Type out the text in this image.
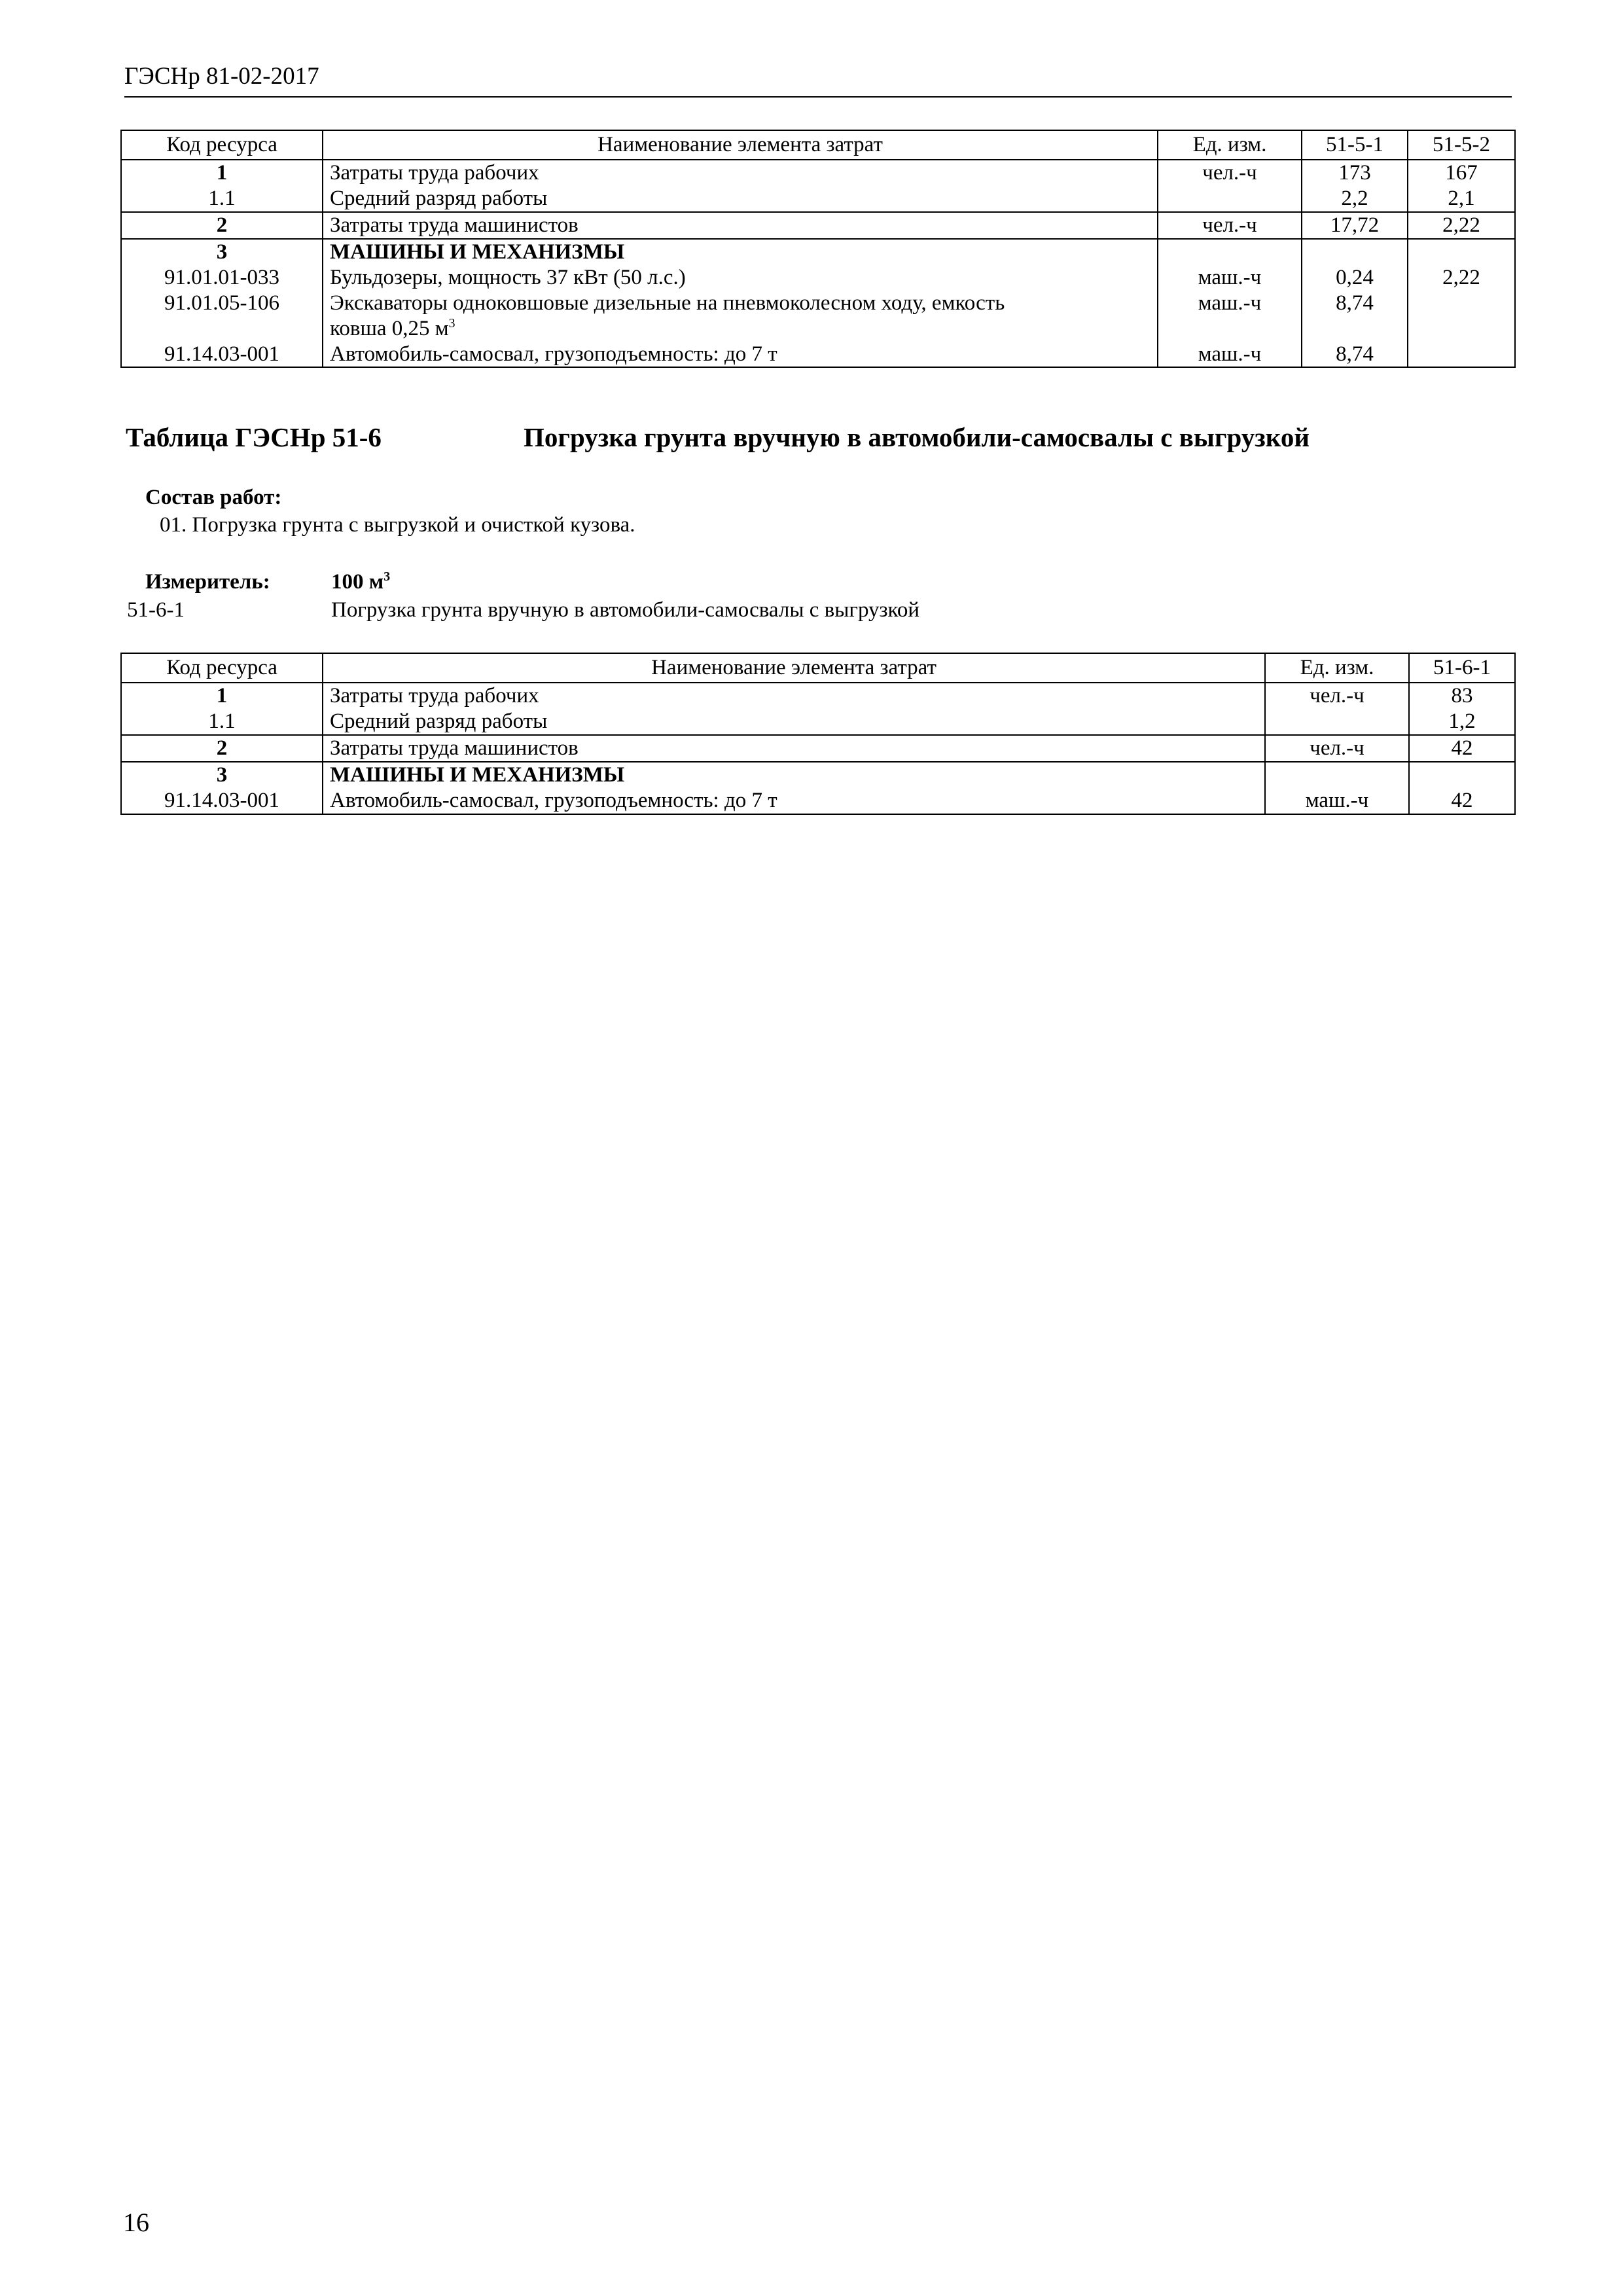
ГЭСНр 81-02-2017
Код ресурса	Наименование элемента затрат	Ед. изм.	51-5-1	51-5-2
1	Затраты труда рабочих	чел.-ч	173	167
1.1	Средний разряд работы		2,2	2,1
2	Затраты труда машинистов	чел.-ч	17,72	2,22
3	МАШИНЫ И МЕХАНИЗМЫ			
91.01.01-033	Бульдозеры, мощность 37 кВт (50 л.с.)	маш.-ч	0,24	2,22
91.01.05-106	Экскаваторы одноковшовые дизельные на пневмоколесном ходу, емкость
ковша 0,25 $м^3$	маш.-ч	8,74	
91.14.03-001	Автомобиль-самосвал, грузоподъемность: до 7 т	маш.-ч	8,74	
Таблица ГЭСНр 51-6	Погрузка грунта вручную в автомобили-самосвалы с выгрузкой
Состав работ:
01. Погрузка грунта с выгрузкой и очисткой кузова.
Измеритель:	100 $м^3$
51-6-1	Погрузка грунта вручную в автомобили-самосвалы с выгрузкой
Код ресурса	Наименование элемента затрат	Ед. изм.	51-6-1
1	Затраты труда рабочих	чел.-ч	83
1.1	Средний разряд работы		1,2
2	Затраты труда машинистов	чел.-ч	42
3	МАШИНЫ И МЕХАНИЗМЫ		
91.14.03-001	Автомобиль-самосвал, грузоподъемность: до 7 т	маш.-ч	42
16
